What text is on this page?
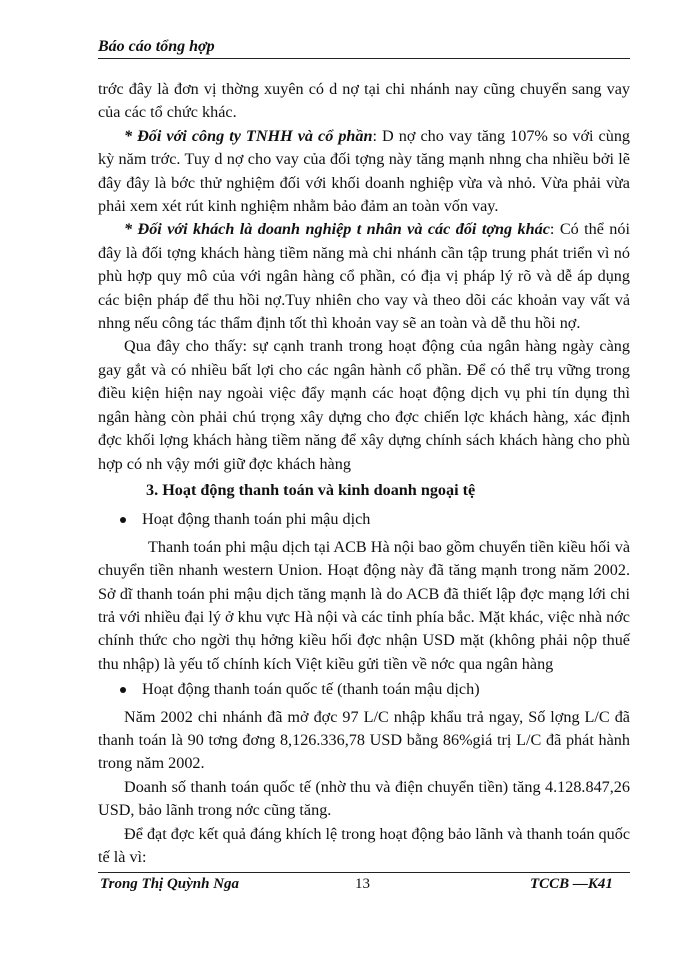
Báo cáo tổng hợp

trớc đây là đơn vị thờng xuyên có d nợ tại chi nhánh nay cũng chuyển sang vay của các tổ chức khác.

* Đối với công ty TNHH và cổ phần: D nợ cho vay tăng 107% so với cùng kỳ năm trớc. Tuy d nợ cho vay của đối tợng này tăng mạnh nhng cha nhiều bởi lẽ đây đây là bớc thử nghiệm đối với khối doanh nghiệp vừa và nhỏ. Vừa phải vừa phải xem xét rút kinh nghiệm nhằm bảo đảm an toàn vốn vay.

* Đối với khách là doanh nghiệp t nhân và các đối tợng khác: Có thể nói đây là đối tợng khách hàng tiềm năng mà chi nhánh cần tập trung phát triển vì nó phù hợp quy mô của với ngân hàng cổ phần, có địa vị pháp lý rõ và dễ áp dụng các biện pháp để thu hồi nợ.Tuy nhiên cho vay và theo dõi các khoản vay vất vả nhng nếu công tác thẩm định tốt thì khoản vay sẽ an toàn và dễ thu hồi nợ.

Qua đây cho thấy: sự cạnh tranh trong hoạt động của ngân hàng ngày càng gay gắt và có nhiều bất lợi cho các ngân hành cổ phần. Để có thể trụ vững trong điều kiện hiện nay ngoài việc đẩy mạnh các hoạt động dịch vụ phi tín dụng thì ngân hàng còn phải chú trọng xây dựng cho đợc chiến lợc khách hàng, xác định đợc khối lợng khách hàng tiềm năng để xây dựng chính sách khách hàng cho phù hợp có nh vậy mới giữ đợc khách hàng

3. Hoạt động thanh toán và kinh doanh ngoại tệ

Hoạt động thanh toán phi mậu dịch

Thanh toán phi mậu dịch tại ACB Hà nội bao gồm chuyển tiền kiều hối và chuyển tiền nhanh western Union. Hoạt động này đã tăng mạnh trong năm 2002. Sở dĩ thanh toán phi mậu dịch tăng mạnh là do ACB đã thiết lập đợc mạng lới chi trả với nhiều đại lý ở khu vực Hà nội và các tỉnh phía bắc. Mặt khác, việc nhà nớc chính thức cho ngời thụ hởng kiều hối đợc nhận USD mặt (không phải nộp thuế thu nhập) là yếu tố chính kích Việt kiều gửi tiền về nớc qua ngân hàng

Hoạt động thanh toán quốc tế (thanh toán mậu dịch)

Năm 2002 chi nhánh đã mở đợc 97 L/C nhập khẩu trả ngay, Số lợng L/C đã thanh toán là 90 tơng đơng 8,126.336,78 USD bằng 86%giá trị L/C đã phát hành trong năm 2002.

Doanh số thanh toán quốc tế (nhờ thu và điện chuyển tiền) tăng 4.128.847,26 USD, bảo lãnh trong nớc cũng tăng.

Để đạt đợc kết quả đáng khích lệ trong hoạt động bảo lãnh và thanh toán quốc tế là vì:

Trong Thị Quỳnh Nga	13	TCCB —K41
